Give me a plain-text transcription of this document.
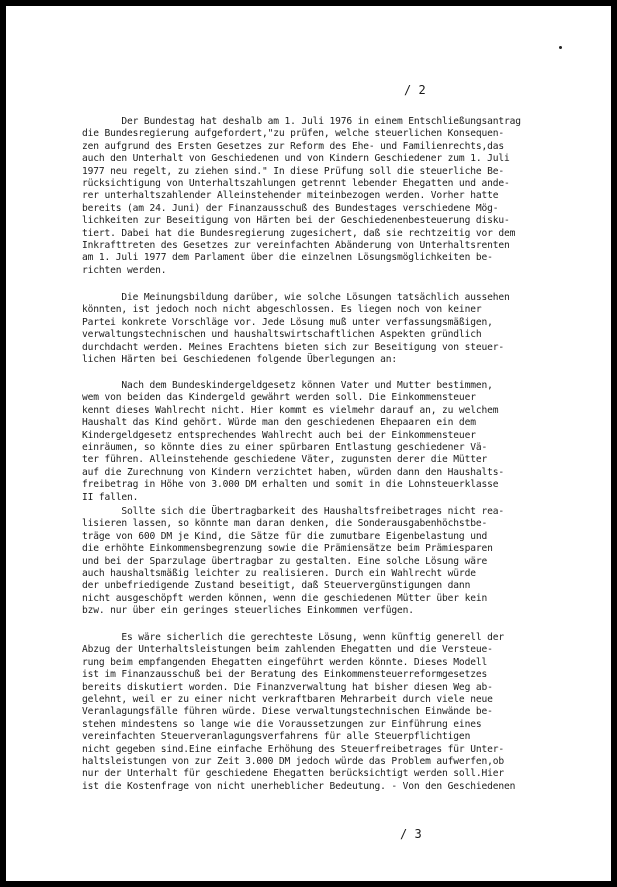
/ 2
Der Bundestag hat deshalb am 1. Juli 1976 in einem Entschließungsantrag
die Bundesregierung aufgefordert,"zu prüfen, welche steuerlichen Konsequen-
zen aufgrund des Ersten Gesetzes zur Reform des Ehe- und Familienrechts,das
auch den Unterhalt von Geschiedenen und von Kindern Geschiedener zum 1. Juli
1977 neu regelt, zu ziehen sind." In diese Prüfung soll die steuerliche Be-
rücksichtigung von Unterhaltszahlungen getrennt lebender Ehegatten und ande-
rer unterhaltszahlender Alleinstehender miteinbezogen werden. Vorher hatte
bereits (am 24. Juni) der Finanzausschuß des Bundestages verschiedene Mög-
lichkeiten zur Beseitigung von Härten bei der Geschiedenenbesteuerung disku-
tiert. Dabei hat die Bundesregierung zugesichert, daß sie rechtzeitig vor dem
Inkrafttreten des Gesetzes zur vereinfachten Abänderung von Unterhaltsrenten
am 1. Juli 1977 dem Parlament über die einzelnen Lösungsmöglichkeiten be-
richten werden.
Die Meinungsbildung darüber, wie solche Lösungen tatsächlich aussehen
könnten, ist jedoch noch nicht abgeschlossen. Es liegen noch von keiner
Partei konkrete Vorschläge vor. Jede Lösung muß unter verfassungsmäßigen,
verwaltungstechnischen und haushaltswirtschaftlichen Aspekten gründlich
durchdacht werden. Meines Erachtens bieten sich zur Beseitigung von steuer-
lichen Härten bei Geschiedenen folgende Überlegungen an:
Nach dem Bundeskindergeldgesetz können Vater und Mutter bestimmen,
wem von beiden das Kindergeld gewährt werden soll. Die Einkommensteuer
kennt dieses Wahlrecht nicht. Hier kommt es vielmehr darauf an, zu welchem
Haushalt das Kind gehört. Würde man den geschiedenen Ehepaaren ein dem
Kindergeldgesetz entsprechendes Wahlrecht auch bei der Einkommensteuer
einräumen, so könnte dies zu einer spürbaren Entlastung geschiedener Vä-
ter führen. Alleinstehende geschiedene Väter, zugunsten derer die Mütter
auf die Zurechnung von Kindern verzichtet haben, würden dann den Haushalts-
freibetrag in Höhe von 3.000 DM erhalten und somit in die Lohnsteuerklasse
II fallen.
Sollte sich die Übertragbarkeit des Haushaltsfreibetrages nicht rea-
lisieren lassen, so könnte man daran denken, die Sonderausgabenhöchstbe-
träge von 600 DM je Kind, die Sätze für die zumutbare Eigenbelastung und
die erhöhte Einkommensbegrenzung sowie die Prämiensätze beim Prämiesparen
und bei der Sparzulage übertragbar zu gestalten. Eine solche Lösung wäre
auch haushaltsmäßig leichter zu realisieren. Durch ein Wahlrecht würde
der unbefriedigende Zustand beseitigt, daß Steuervergünstigungen dann
nicht ausgeschöpft werden können, wenn die geschiedenen Mütter über kein
bzw. nur über ein geringes steuerliches Einkommen verfügen.
Es wäre sicherlich die gerechteste Lösung, wenn künftig generell der
Abzug der Unterhaltsleistungen beim zahlenden Ehegatten und die Versteue-
rung beim empfangenden Ehegatten eingeführt werden könnte. Dieses Modell
ist im Finanzausschuß bei der Beratung des Einkommensteuerreformgesetzes
bereits diskutiert worden. Die Finanzverwaltung hat bisher diesen Weg ab-
gelehnt, weil er zu einer nicht verkraftbaren Mehrarbeit durch viele neue
Veranlagungsfälle führen würde. Diese verwaltungstechnischen Einwände be-
stehen mindestens so lange wie die Voraussetzungen zur Einführung eines
vereinfachten Steuerveranlagungsverfahrens für alle Steuerpflichtigen
nicht gegeben sind.Eine einfache Erhöhung des Steuerfreibetrages für Unter-
haltsleistungen von zur Zeit 3.000 DM jedoch würde das Problem aufwerfen,ob
nur der Unterhalt für geschiedene Ehegatten berücksichtigt werden soll.Hier
ist die Kostenfrage von nicht unerheblicher Bedeutung. - Von den Geschiedenen
/ 3
